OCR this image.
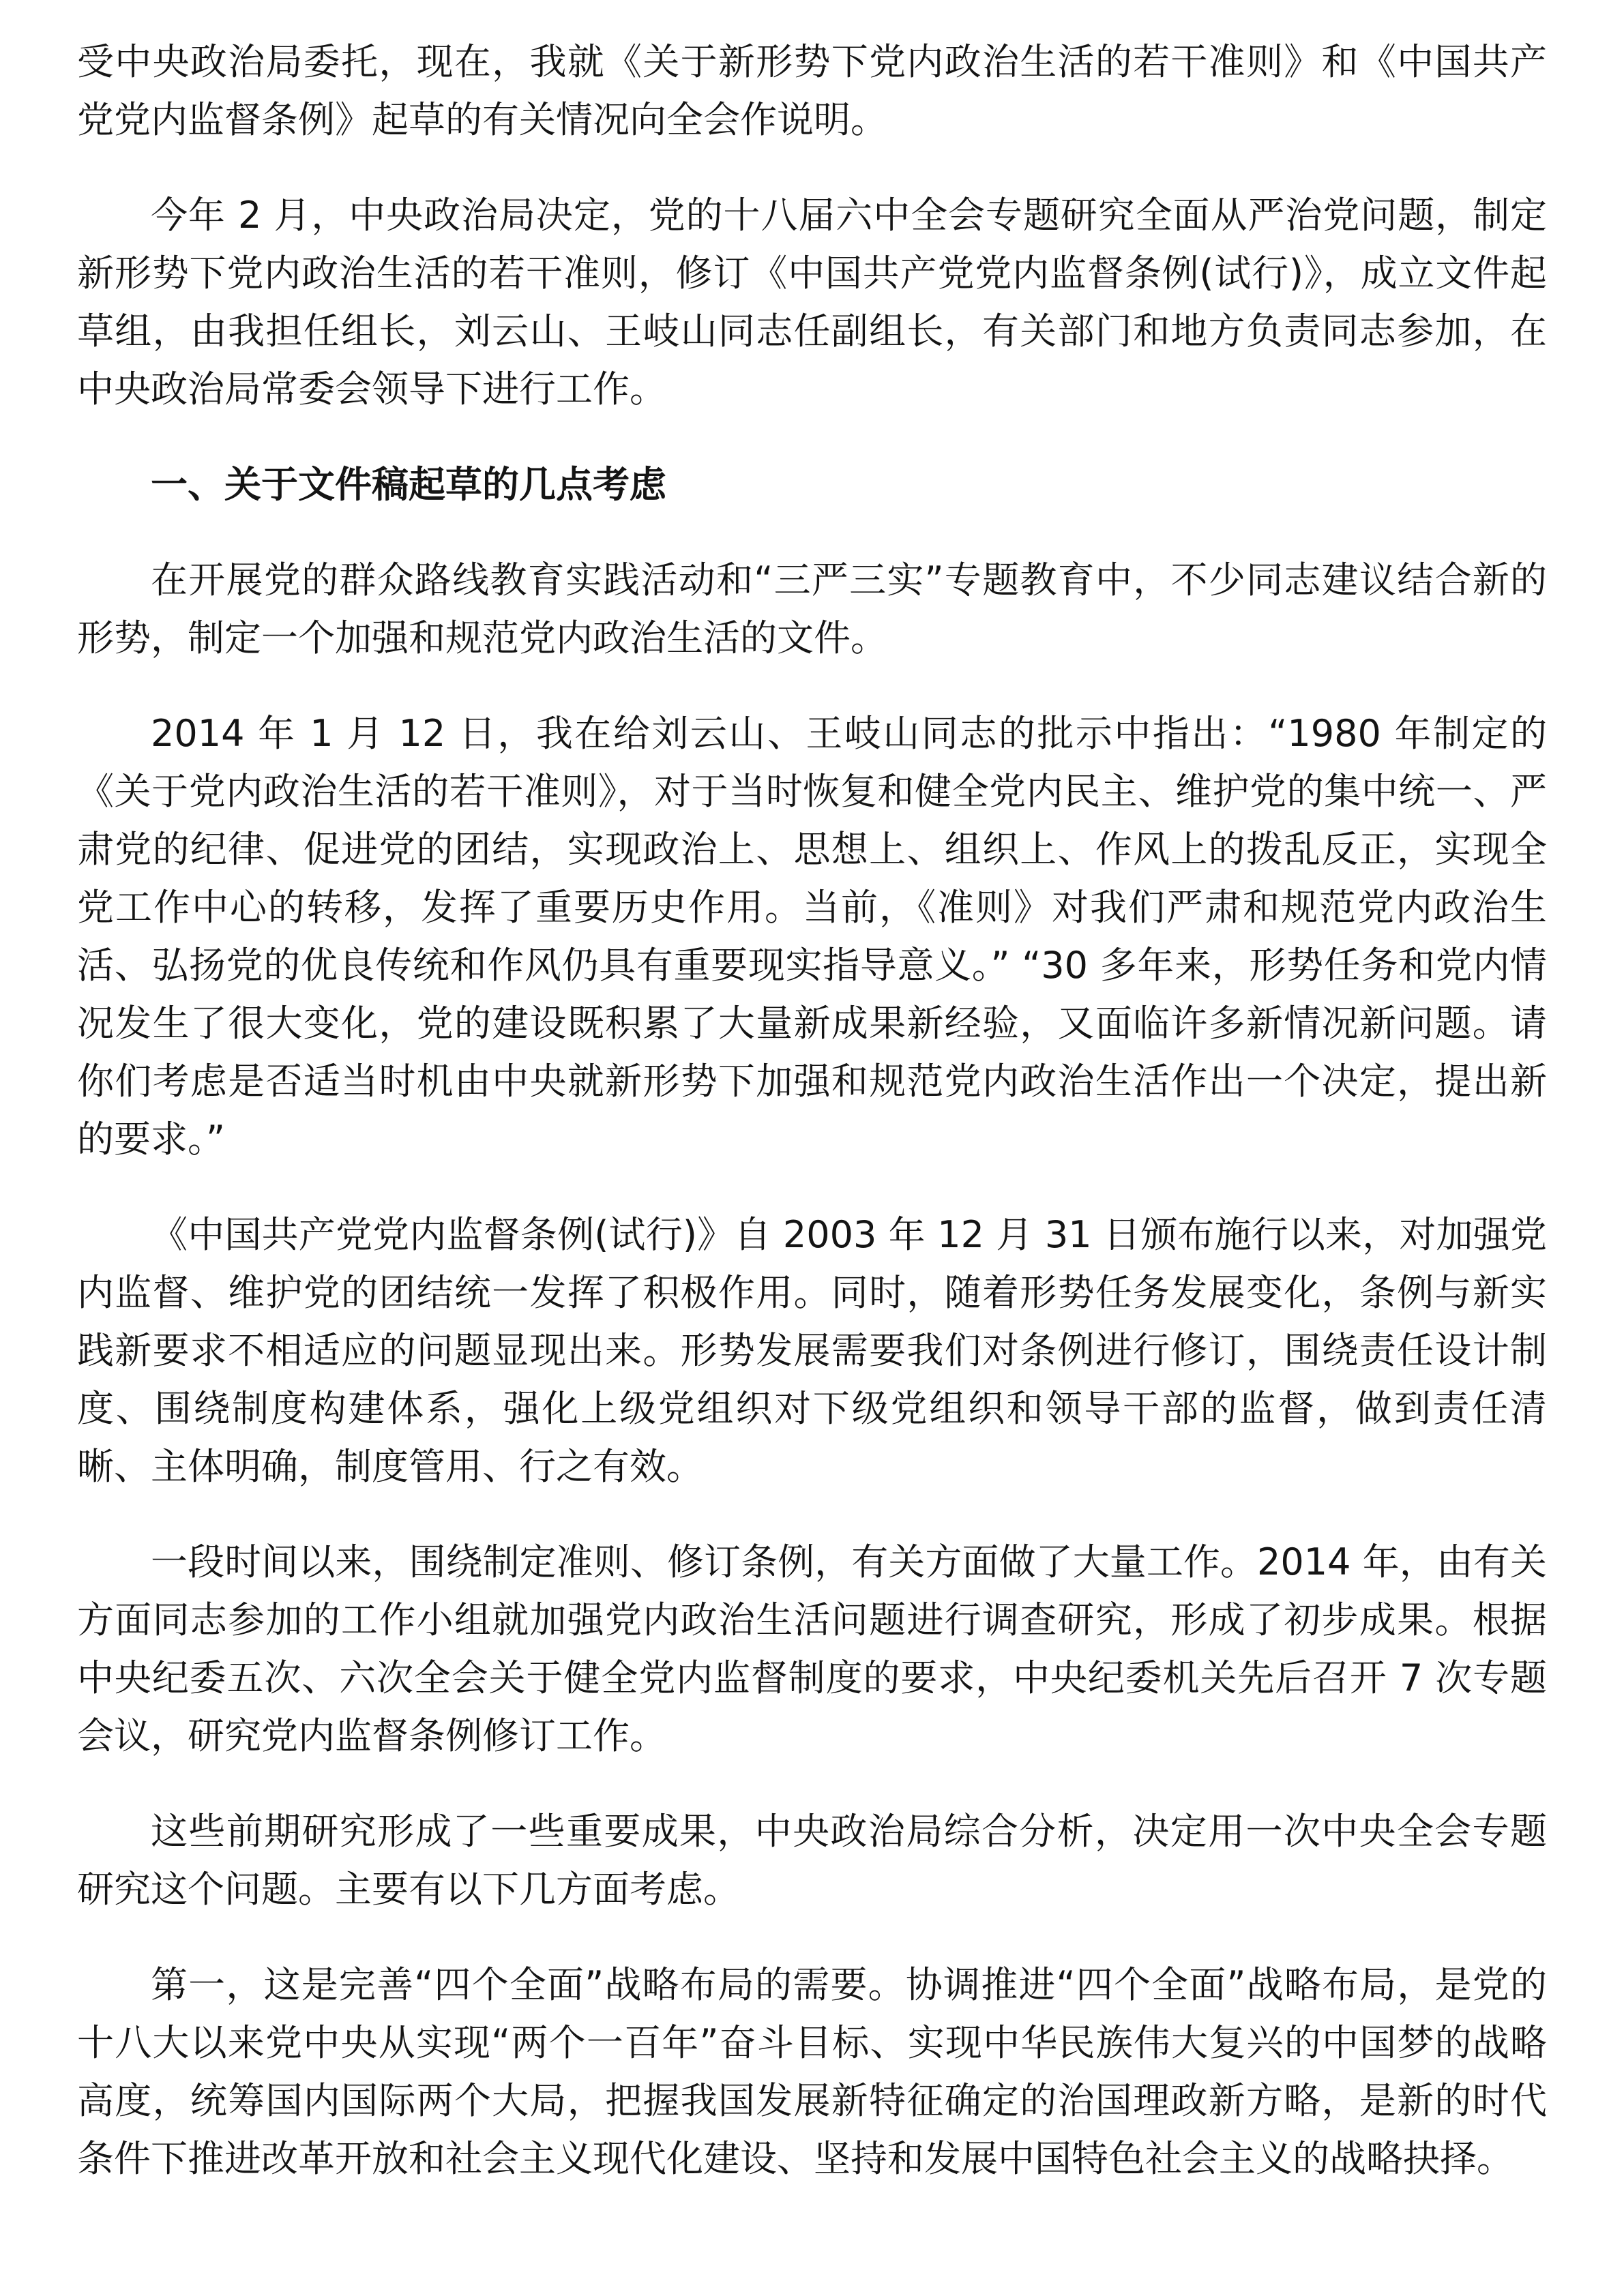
受中央政治局委托，现在，我就《关于新形势下党内政治生活的若干准则》和《中国共产党党内监督条例》起草的有关情况向全会作说明。

今年 2 月，中央政治局决定，党的十八届六中全会专题研究全面从严治党问题，制定新形势下党内政治生活的若干准则，修订《中国共产党党内监督条例(试行)》，成立文件起草组，由我担任组长，刘云山、王岐山同志任副组长，有关部门和地方负责同志参加，在中央政治局常委会领导下进行工作。

一、关于文件稿起草的几点考虑

在开展党的群众路线教育实践活动和“三严三实”专题教育中，不少同志建议结合新的形势，制定一个加强和规范党内政治生活的文件。

2014 年 1 月 12 日，我在给刘云山、王岐山同志的批示中指出：“1980 年制定的《关于党内政治生活的若干准则》，对于当时恢复和健全党内民主、维护党的集中统一、严肃党的纪律、促进党的团结，实现政治上、思想上、组织上、作风上的拨乱反正，实现全党工作中心的转移，发挥了重要历史作用。当前，《准则》对我们严肃和规范党内政治生活、弘扬党的优良传统和作风仍具有重要现实指导意义。” “30 多年来，形势任务和党内情况发生了很大变化，党的建设既积累了大量新成果新经验，又面临许多新情况新问题。请你们考虑是否适当时机由中央就新形势下加强和规范党内政治生活作出一个决定，提出新的要求。”

《中国共产党党内监督条例(试行)》自 2003 年 12 月 31 日颁布施行以来，对加强党内监督、维护党的团结统一发挥了积极作用。同时，随着形势任务发展变化，条例与新实践新要求不相适应的问题显现出来。形势发展需要我们对条例进行修订，围绕责任设计制度、围绕制度构建体系，强化上级党组织对下级党组织和领导干部的监督，做到责任清晰、主体明确，制度管用、行之有效。

一段时间以来，围绕制定准则、修订条例，有关方面做了大量工作。2014 年，由有关方面同志参加的工作小组就加强党内政治生活问题进行调查研究，形成了初步成果。根据中央纪委五次、六次全会关于健全党内监督制度的要求，中央纪委机关先后召开 7 次专题会议，研究党内监督条例修订工作。

这些前期研究形成了一些重要成果，中央政治局综合分析，决定用一次中央全会专题研究这个问题。主要有以下几方面考虑。

第一，这是完善“四个全面”战略布局的需要。协调推进“四个全面”战略布局，是党的十八大以来党中央从实现“两个一百年”奋斗目标、实现中华民族伟大复兴的中国梦的战略高度，统筹国内国际两个大局，把握我国发展新特征确定的治国理政新方略，是新的时代条件下推进改革开放和社会主义现代化建设、坚持和发展中国特色社会主义的战略抉择。
